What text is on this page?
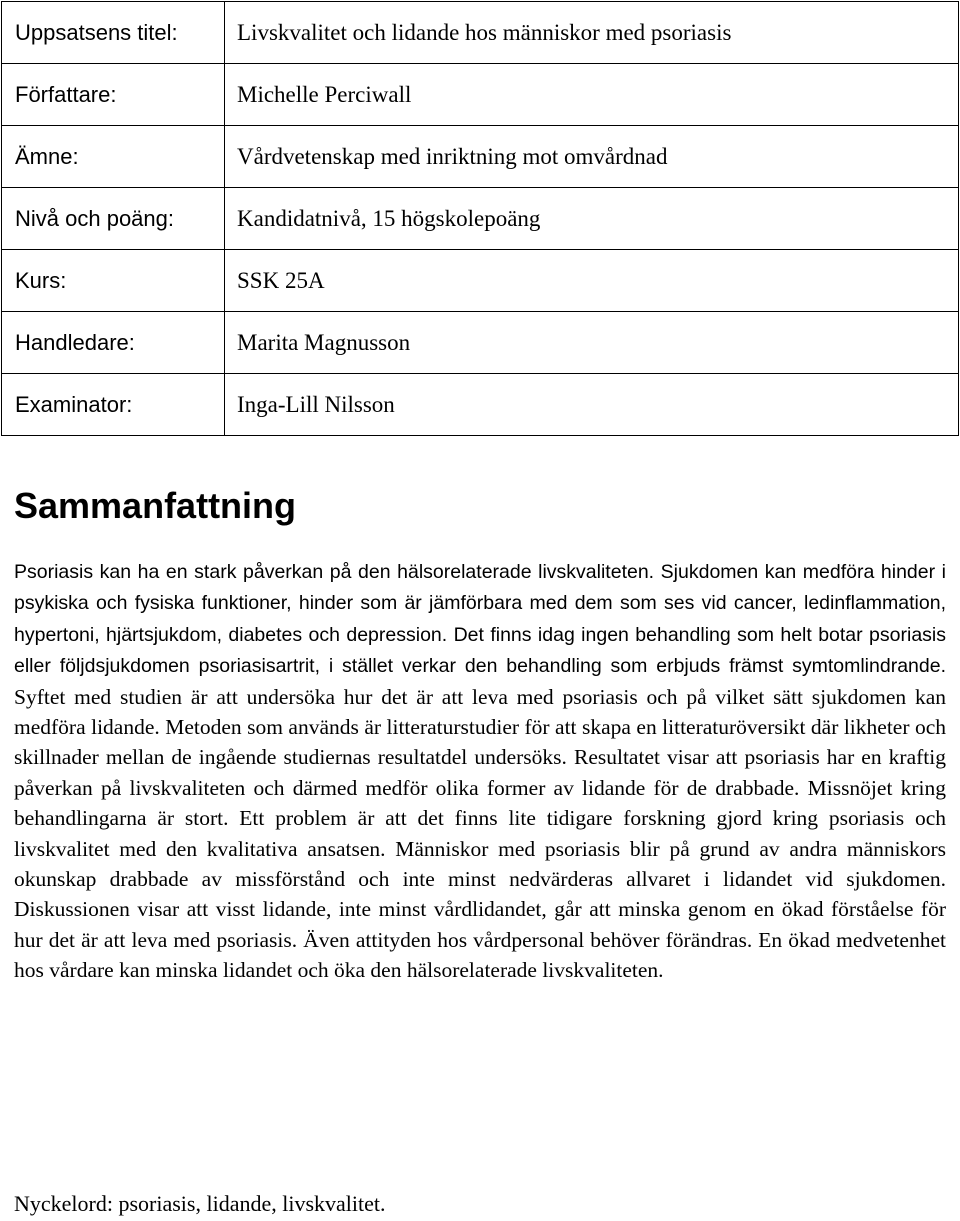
Uppsatsens titel:	Livskvalitet och lidande hos människor med psoriasis
Författare:	Michelle Perciwall
Ämne:	Vårdvetenskap med inriktning mot omvårdnad
Nivå och poäng:	Kandidatnivå, 15 högskolepoäng
Kurs:	SSK 25A
Handledare:	Marita Magnusson
Examinator:	Inga-Lill Nilsson
Sammanfattning

Psoriasis kan ha en stark påverkan på den hälsorelaterade livskvaliteten. Sjukdomen kan medföra hinder i psykiska och fysiska funktioner, hinder som är jämförbara med dem som ses vid cancer, ledinflammation, hypertoni, hjärtsjukdom, diabetes och depression. Det finns idag ingen behandling som helt botar psoriasis eller följdsjukdomen psoriasisartrit, i stället verkar den behandling som erbjuds främst symtomlindrande. Syftet med studien är att undersöka hur det är att leva med psoriasis och på vilket sätt sjukdomen kan medföra lidande. Metoden som används är litteraturstudier för att skapa en litteraturöversikt där likheter och skillnader mellan de ingående studiernas resultatdel undersöks. Resultatet visar att psoriasis har en kraftig påverkan på livskvaliteten och därmed medför olika former av lidande för de drabbade. Missnöjet kring behandlingarna är stort. Ett problem är att det finns lite tidigare forskning gjord kring psoriasis och livskvalitet med den kvalitativa ansatsen. Människor med psoriasis blir på grund av andra människors okunskap drabbade av missförstånd och inte minst nedvärderas allvaret i lidandet vid sjukdomen. Diskussionen visar att visst lidande, inte minst vårdlidandet, går att minska genom en ökad förståelse för hur det är att leva med psoriasis. Även attityden hos vårdpersonal behöver förändras. En ökad medvetenhet hos vårdare kan minska lidandet och öka den hälsorelaterade livskvaliteten.

Nyckelord: psoriasis, lidande, livskvalitet.
